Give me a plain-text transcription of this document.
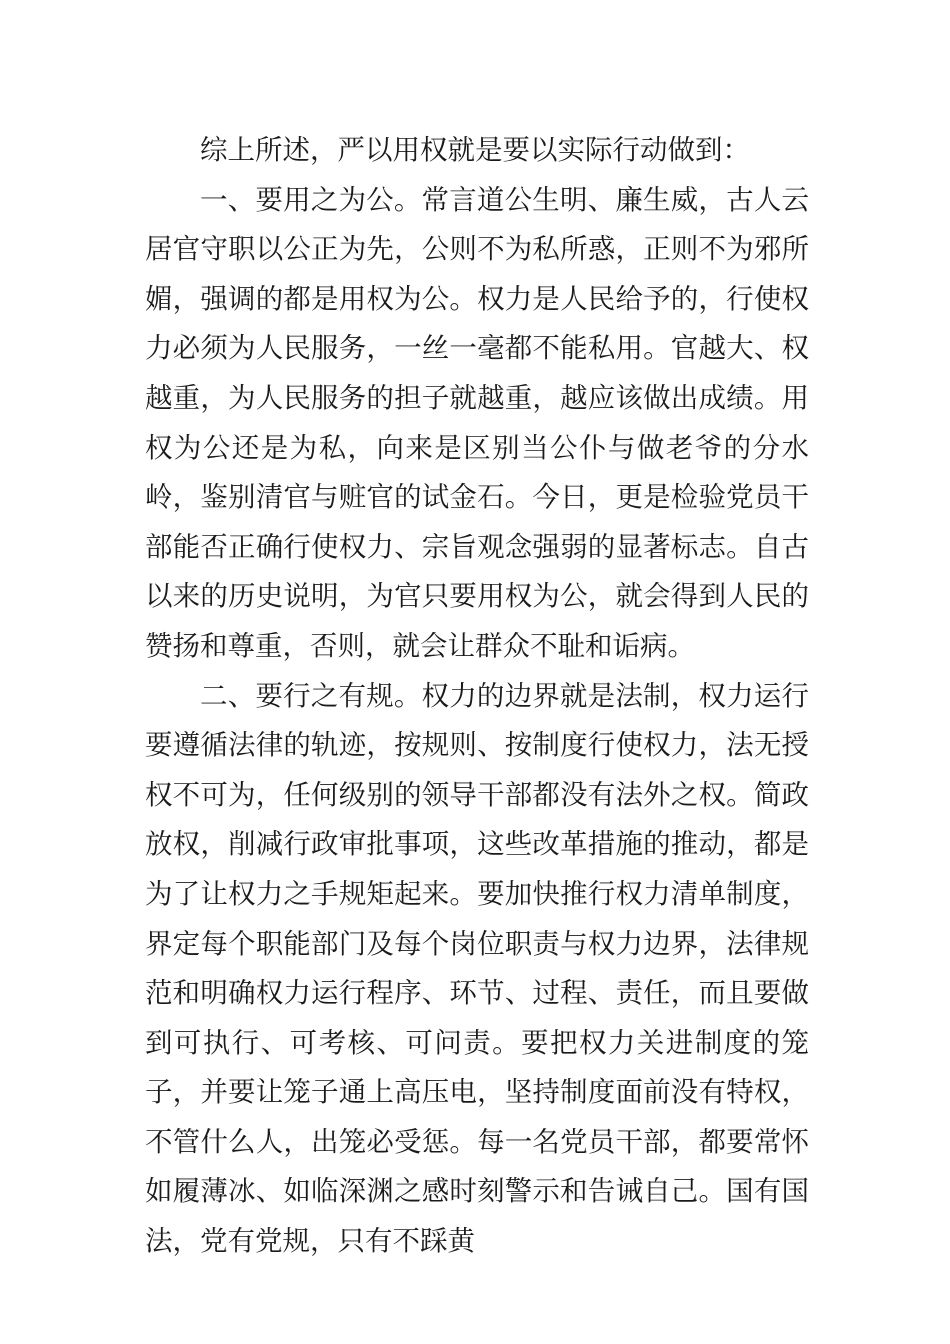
综上所述，严以用权就是要以实际行动做到：

一、要用之为公。常言道公生明、廉生威，古人云居官守职以公正为先，公则不为私所惑，正则不为邪所媚，强调的都是用权为公。权力是人民给予的，行使权力必须为人民服务，一丝一毫都不能私用。官越大、权越重，为人民服务的担子就越重，越应该做出成绩。用权为公还是为私，向来是区别当公仆与做老爷的分水岭，鉴别清官与赃官的试金石。今日，更是检验党员干部能否正确行使权力、宗旨观念强弱的显著标志。自古以来的历史说明，为官只要用权为公，就会得到人民的赞扬和尊重，否则，就会让群众不耻和诟病。

二、要行之有规。权力的边界就是法制，权力运行要遵循法律的轨迹，按规则、按制度行使权力，法无授权不可为，任何级别的领导干部都没有法外之权。简政放权，削减行政审批事项，这些改革措施的推动，都是为了让权力之手规矩起来。要加快推行权力清单制度，界定每个职能部门及每个岗位职责与权力边界，法律规范和明确权力运行程序、环节、过程、责任，而且要做到可执行、可考核、可问责。要把权力关进制度的笼子，并要让笼子通上高压电，坚持制度面前没有特权，不管什么人，出笼必受惩。每一名党员干部，都要常怀如履薄冰、如临深渊之感时刻警示和告诫自己。国有国法，党有党规，只有不踩黄
